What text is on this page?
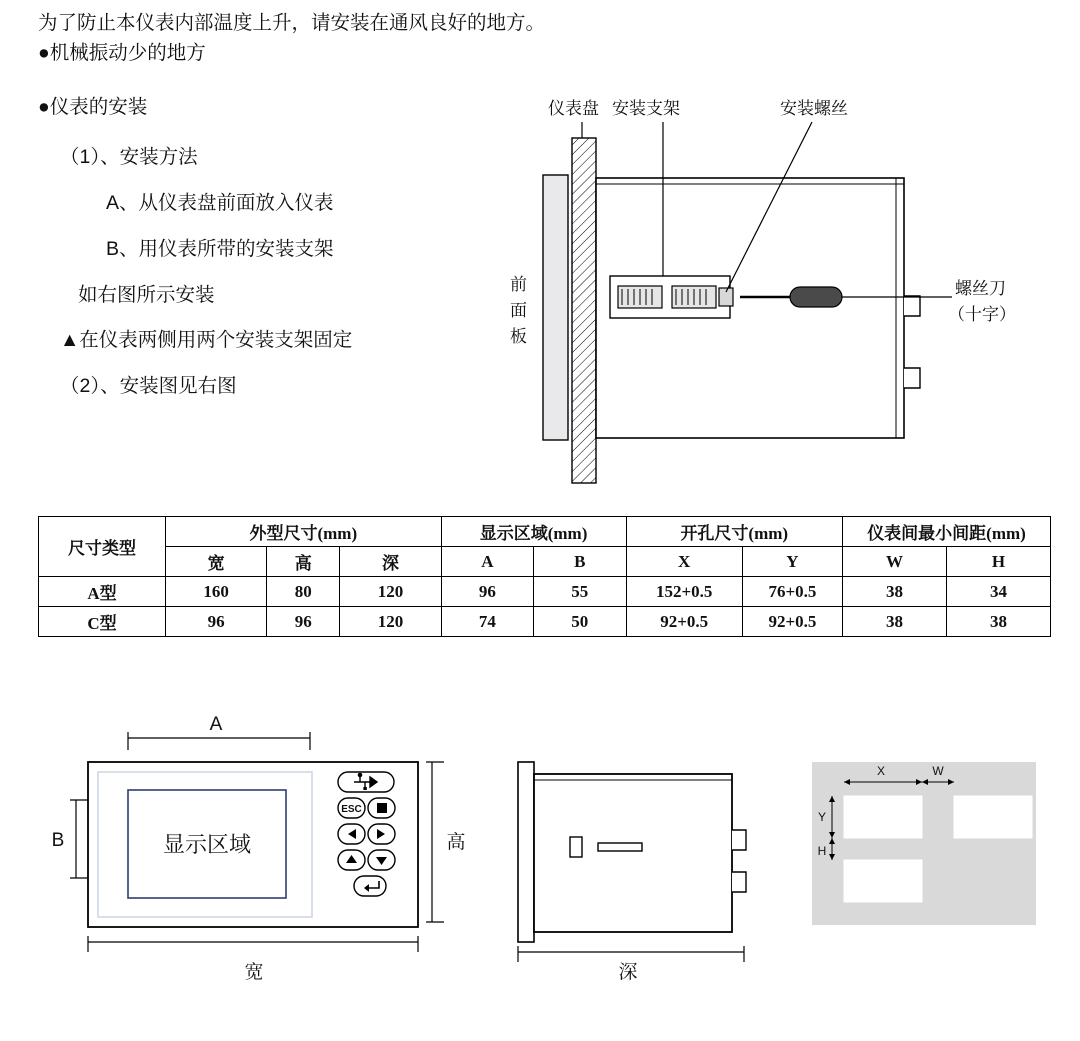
为了防止本仪表内部温度上升，请安装在通风良好的地方。
●机械振动少的地方
●仪表的安装
（1）、安装方法
A、从仪表盘前面放入仪表
B、用仪表所带的安装支架
如右图所示安装
▲在仪表两侧用两个安装支架固定
（2）、安装图见右图
仪表盘 安装支架	安装螺丝
螺丝刀
（十字）
前
面
板
尺寸类型	外型尺寸(mm)			显示区域(mm)		开孔尺寸(mm)		仪表间最小间距(mm)	
	宽	高	深	A	B	X	Y	W	H
A型	160	80	120	96	55	152+0.5	76+0.5	38	34
C型	96	96	120	74	50	92+0.5	92+0.5	38	38
A
B	高
宽
显示区域
ESC
深
X	W
Y
H
